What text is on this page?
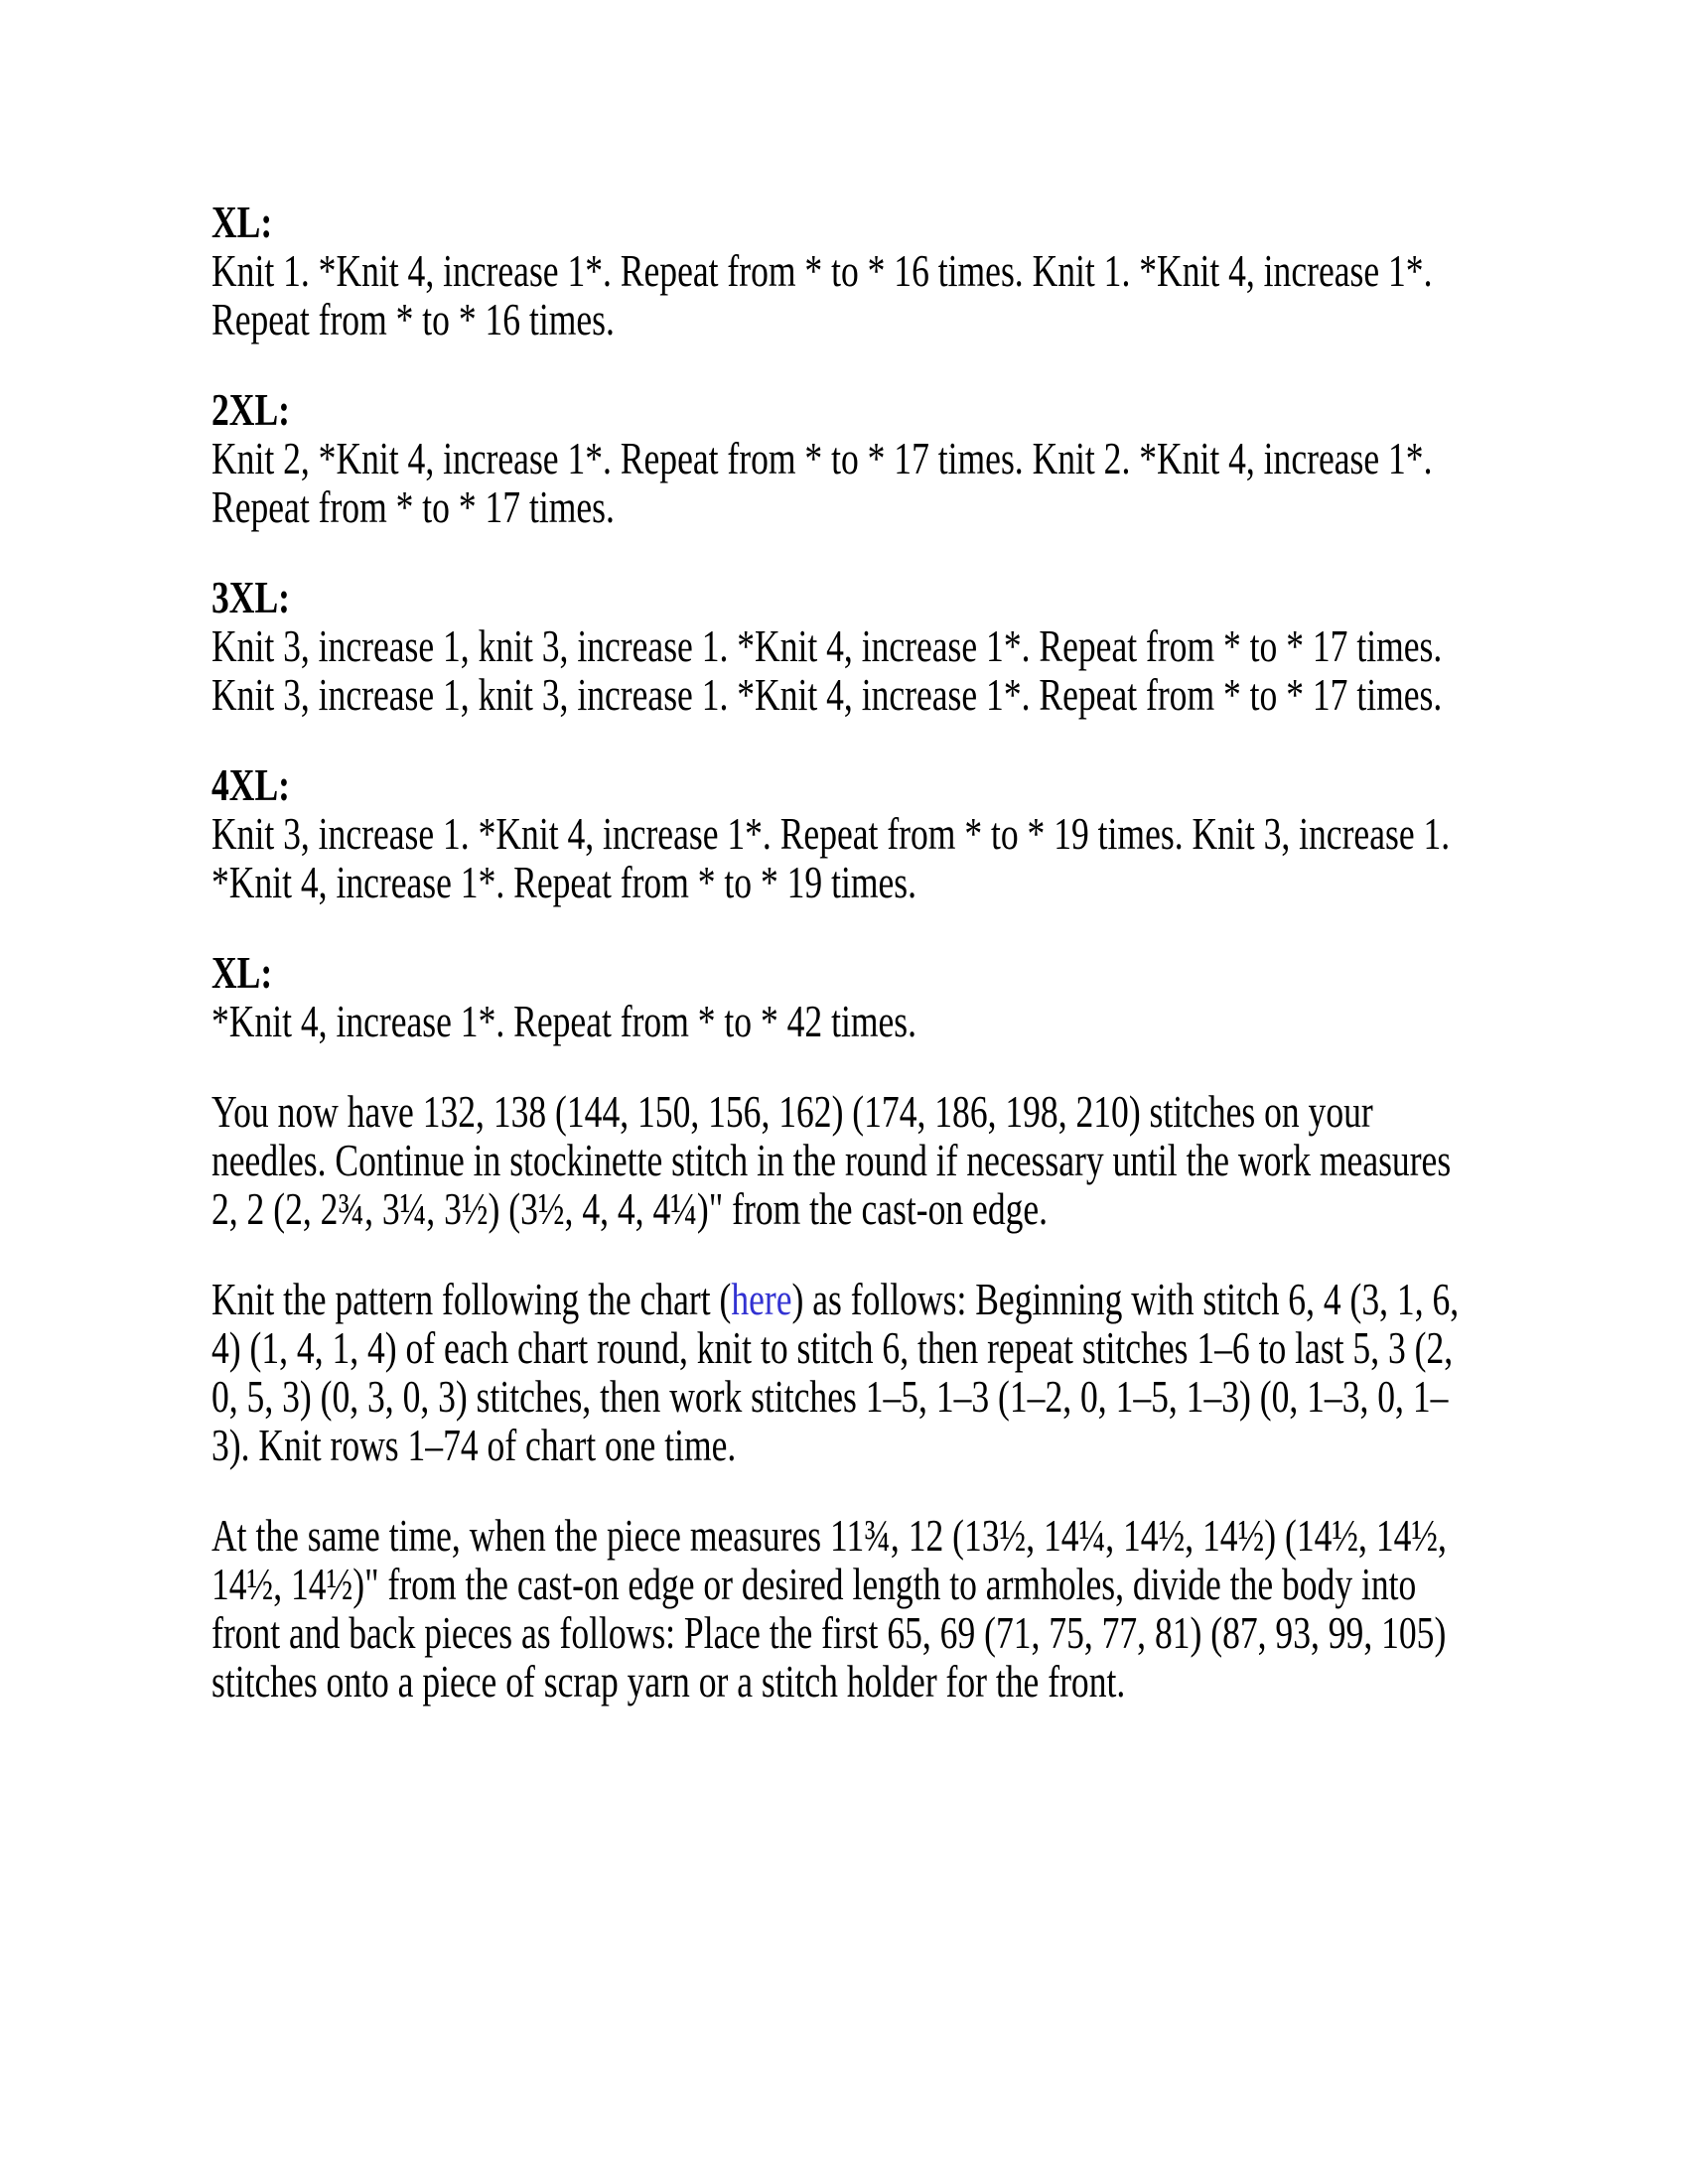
XL:
Knit 1. *Knit 4, increase 1*. Repeat from * to * 16 times. Knit 1. *Knit 4, increase 1*. Repeat from * to * 16 times.
2XL:
Knit 2, *Knit 4, increase 1*. Repeat from * to * 17 times. Knit 2. *Knit 4, increase 1*. Repeat from * to * 17 times.
3XL:
Knit 3, increase 1, knit 3, increase 1. *Knit 4, increase 1*. Repeat from * to * 17 times. Knit 3, increase 1, knit 3, increase 1. *Knit 4, increase 1*. Repeat from * to * 17 times.
4XL:
Knit 3, increase 1. *Knit 4, increase 1*. Repeat from * to * 19 times. Knit 3, increase 1. *Knit 4, increase 1*. Repeat from * to * 19 times.
XL:
*Knit 4, increase 1*. Repeat from * to * 42 times.

You now have 132, 138 (144, 150, 156, 162) (174, 186, 198, 210) stitches on your needles. Continue in stockinette stitch in the round if necessary until the work measures 2, 2 (2, 2¾, 3¼, 3½) (3½, 4, 4, 4¼)" from the cast-on edge.

Knit the pattern following the chart (here) as follows: Beginning with stitch 6, 4 (3, 1, 6, 4) (1, 4, 1, 4) of each chart round, knit to stitch 6, then repeat stitches 1–6 to last 5, 3 (2, 0, 5, 3) (0, 3, 0, 3) stitches, then work stitches 1–5, 1–3 (1–2, 0, 1–5, 1–3) (0, 1–3, 0, 1–3). Knit rows 1–74 of chart one time.

At the same time, when the piece measures 11¾, 12 (13½, 14¼, 14½, 14½) (14½, 14½, 14½, 14½)" from the cast-on edge or desired length to armholes, divide the body into front and back pieces as follows: Place the first 65, 69 (71, 75, 77, 81) (87, 93, 99, 105) stitches onto a piece of scrap yarn or a stitch holder for the front.
